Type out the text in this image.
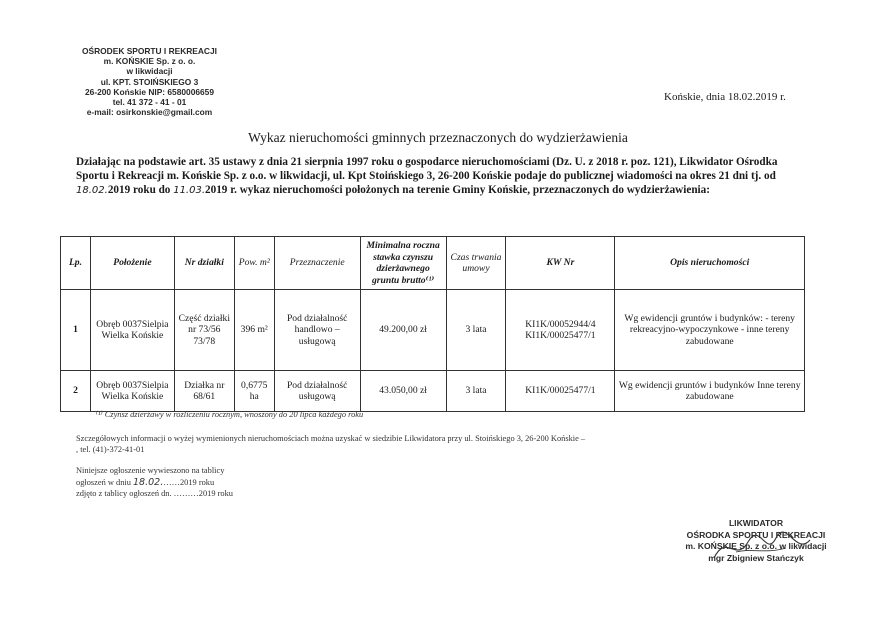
OŚRODEK SPORTU I REKREACJI
m. KOŃSKIE Sp. z o. o.
w likwidacji
ul. KPT. STOIŃSKIEGO 3
26-200 Końskie NIP: 6580006659
tel. 41 372 - 41 - 01
e-mail: osirkonskie@gmail.com
Końskie, dnia 18.02.2019 r.
Wykaz nieruchomości gminnych przeznaczonych do wydzierżawienia
Działając na podstawie art. 35 ustawy z dnia 21 sierpnia 1997 roku o gospodarce nieruchomościami (Dz. U. z 2018 r. poz. 121), Likwidator Ośrodka Sportu i Rekreacji m. Końskie Sp. z o.o. w likwidacji, ul. Kpt Stoińskiego 3, 26-200 Końskie podaje do publicznej wiadomości na okres 21 dni tj. od 18.02.2019 roku do 11.03.2019 r. wykaz nieruchomości położonych na terenie Gminy Końskie, przeznaczonych do wydzierżawienia:
Lp.	Położenie	Nr działki	Pow. m²	Przeznaczenie	Minimalna roczna stawka czynszu dzierżawnego gruntu brutto⁽¹⁾	Czas trwania umowy	KW Nr	Opis nieruchomości
1	Obręb 0037Sielpia Wielka Końskie	Część działki nr 73/56 73/78	396 m²	Pod działalność handlowo – usługową	49.200,00 zł	3 lata	KI1K/00052944/4 KI1K/00025477/1	Wg ewidencji gruntów i budynków: - tereny rekreacyjno-wypoczynkowe - inne tereny zabudowane
2	Obręb 0037Sielpia Wielka Końskie	Działka nr 68/61	0,6775 ha	Pod działalność usługową	43.050,00 zł	3 lata	KI1K/00025477/1	Wg ewidencji gruntów i budynków Inne tereny zabudowane
⁽¹⁾ Czynsz dzierżawy w rozliczeniu rocznym, wnoszony do 20 lipca każdego roku
Szczegółowych informacji o wyżej wymienionych nieruchomościach można uzyskać w siedzibie Likwidatora przy ul. Stoińskiego 3, 26-200 Końskie –
, tel. (41)-372-41-01
Niniejsze ogłoszenie wywieszono na tablicy
ogłoszeń w dniu 18.02.……2019 roku
zdjęto z tablicy ogłoszeń dn. ………2019 roku
LIKWIDATOR
OŚRODKA SPORTU I REKREACJI
m. KOŃSKIE Sp. z o.o. w likwidacji
mgr Zbigniew Stańczyk
